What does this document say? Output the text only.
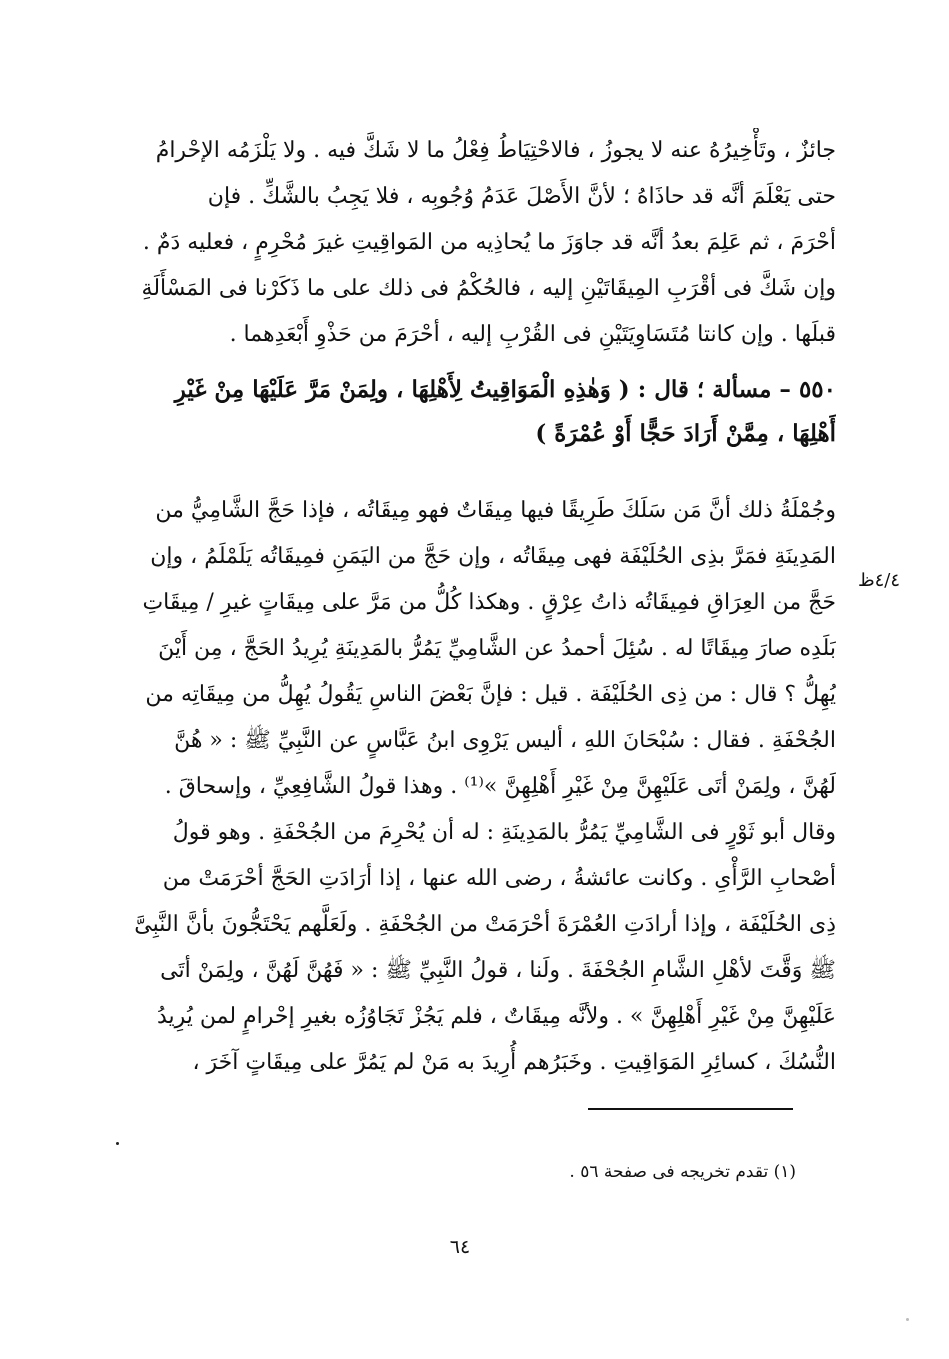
جائزٌ ، وتَأْخِيرُهُ عنه لا يجوزُ ، فالاحْتِيَاطُ فِعْلُ ما لا شَكَّ فيه . ولا يَلْزَمُه الإحْرامُ
حتى يَعْلَمَ أنَّه قد حاذَاهُ ؛ لأنَّ الأَصْلَ عَدَمُ وُجُوبِه ، فلا يَجِبُ بالشَّكِّ . فإن
أحْرَمَ ، ثم عَلِمَ بعدُ أنَّه قد جاوَزَ ما يُحاذِيه من المَواقِيتِ غيرَ مُحْرِمٍ ، فعليه دَمٌ .
وإن شَكَّ فى أقْرَبِ المِيقَاتَيْنِ إليه ، فالحُكْمُ فى ذلك على ما ذَكَرْنا فى المَسْأَلَةِ
قبلَها . وإن كانتا مُتَسَاوِيَتَيْنِ فى القُرْبِ إليه ، أحْرَمَ من حَذْوِ أَبْعَدِهما .
٥٥٠ – مسألة ؛ قال : ( وَهٰذِهِ الْمَوَاقِيتُ لِأَهْلِهَا ، ولِمَنْ مَرَّ عَلَيْهَا مِنْ غَيْرِ
أَهْلِهَا ، مِمَّنْ أَرَادَ حَجًّا أَوْ عُمْرَةً )
وجُمْلَةُ ذلك أنَّ مَن سَلَكَ طَرِيقًا فيها مِيقَاتٌ فهو مِيقَاتُه ، فإذا حَجَّ الشَّامِيُّ من
المَدِينَةِ فمَرَّ بذِى الحُلَيْفَة فهى مِيقَاتُه ، وإن حَجَّ من اليَمَنِ فمِيقَاتُه يَلَمْلَمُ ، وإن
حَجَّ من العِرَاقِ فمِيقَاتُه ذاتُ عِرْقٍ . وهكذا كُلُّ من مَرَّ على مِيقَاتٍ غيرِ / مِيقَاتِ
بَلَدِه صارَ مِيقَاتًا له . سُئِلَ أحمدُ عن الشَّامِيِّ يَمُرُّ بالمَدِينَةِ يُرِيدُ الحَجَّ ، مِن أَيْنَ
يُهِلُّ ؟ قال : من ذِى الحُلَيْفَة . قيل : فإنَّ بَعْضَ الناسِ يَقُولُ يُهِلُّ من مِيقَاتِه من
الجُحْفَةِ . فقال : سُبْحَانَ اللهِ ، أليس يَرْوِى ابنُ عَبَّاسٍ عن النَّبِيِّ ﷺ : « هُنَّ
لَهُنَّ ، ولِمَنْ أتَى عَلَيْهِنَّ مِنْ غَيْرِ أَهْلِهِنَّ »⁽¹⁾ . وهذا قولُ الشَّافِعِيِّ ، وإسحاقَ .
وقال أبو ثَوْرٍ فى الشَّامِيِّ يَمُرُّ بالمَدِينَةِ : له أن يُحْرِمَ من الجُحْفَةِ . وهو قولُ
أصْحابِ الرَّأْىِ . وكانت عائشةُ ، رضى الله عنها ، إذا أرَادَتِ الحَجَّ أحْرَمَتْ من
ذِى الحُلَيْفَة ، وإذا أرادَتِ العُمْرَةَ أحْرَمَتْ من الجُحْفَةِ . ولَعَلَّهم يَحْتَجُّونَ بأنَّ النَّبِىَّ
ﷺ وَقَّتَ لأهْلِ الشَّامِ الجُحْفَةَ . ولَنا ، قولُ النَّبِيِّ ﷺ : « فَهُنَّ لَهُنَّ ، ولِمَنْ أتَى
عَلَيْهِنَّ مِنْ غَيْرِ أَهْلِهِنَّ » . ولأنَّه مِيقَاتٌ ، فلم يَجُزْ تَجَاوُزُه بغيرِ إحْرامٍ لمن يُرِيدُ
النُّسُكَ ، كسائِرِ المَوَاقِيتِ . وخَبَرُهم أُرِيدَ به مَنْ لم يَمُرَّ على مِيقَاتٍ آخَرَ ،
٤/٤ظ
(١) تقدم تخريجه فى صفحة ٥٦ .
٦٤
